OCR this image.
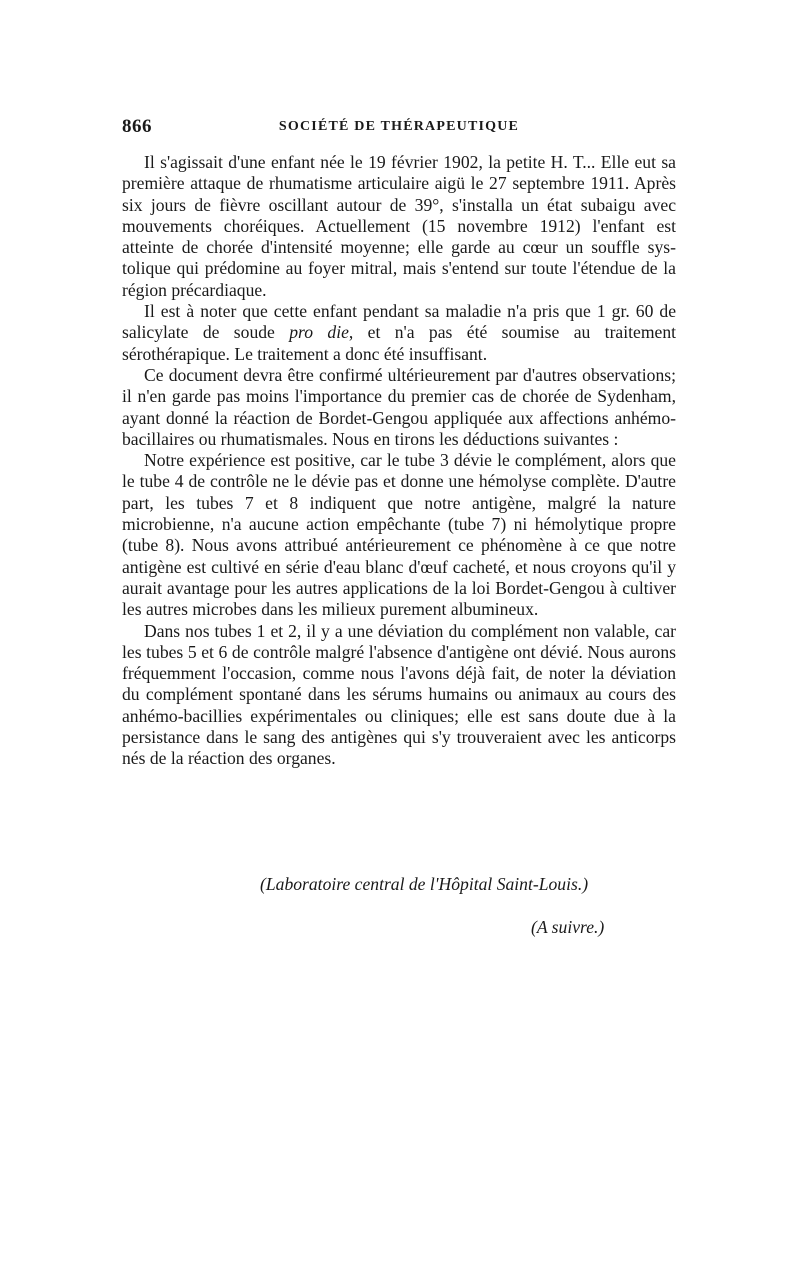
866	SOCIÉTÉ DE THÉRAPEUTIQUE

Il s'agissait d'une enfant née le 19 février 1902, la petite H. T... Elle eut sa première attaque de rhumatisme articulaire aigü le 27 septembre 1911. Après six jours de fièvre oscillant autour de 39°, s'installa un état subaigu avec mouvements choréiques. Actuellement (15 novembre 1912) l'enfant est atteinte de chorée d'intensité moyenne; elle garde au cœur un souffle systolique qui prédomine au foyer mitral, mais s'entend sur toute l'étendue de la région précardiaque.

Il est à noter que cette enfant pendant sa maladie n'a pris que 1 gr. 60 de salicylate de soude pro die, et n'a pas été soumise au traitement sérothérapique. Le traitement a donc été insuffisant.

Ce document devra être confirmé ultérieurement par d'autres observations; il n'en garde pas moins l'importance du premier cas de chorée de Sydenham, ayant donné la réaction de Bordet-Gengou appliquée aux affections anhémo-bacillaires ou rhumatismales. Nous en tirons les déductions suivantes :

Notre expérience est positive, car le tube 3 dévie le complément, alors que le tube 4 de contrôle ne le dévie pas et donne une hémolyse complète. D'autre part, les tubes 7 et 8 indiquent que notre antigène, malgré la nature microbienne, n'a aucune action empêchante (tube 7) ni hémolytique propre (tube 8). Nous avons attribué antérieurement ce phénomène à ce que notre antigène est cultivé en série d'eau blanc d'œuf cacheté, et nous croyons qu'il y aurait avantage pour les autres applications de la loi Bordet-Gengou à cultiver les autres microbes dans les milieux purement albumineux.

Dans nos tubes 1 et 2, il y a une déviation du complément non valable, car les tubes 5 et 6 de contrôle malgré l'absence d'antigène ont dévié. Nous aurons fréquemment l'occasion, comme nous l'avons déjà fait, de noter la déviation du complément spontané dans les sérums humains ou animaux au cours des anhémo-bacillies expérimentales ou cliniques; elle est sans doute due à la persistance dans le sang des antigènes qui s'y trouveraient avec les anticorps nés de la réaction des organes.

(Laboratoire central de l'Hôpital Saint-Louis.)
(A suivre.)
